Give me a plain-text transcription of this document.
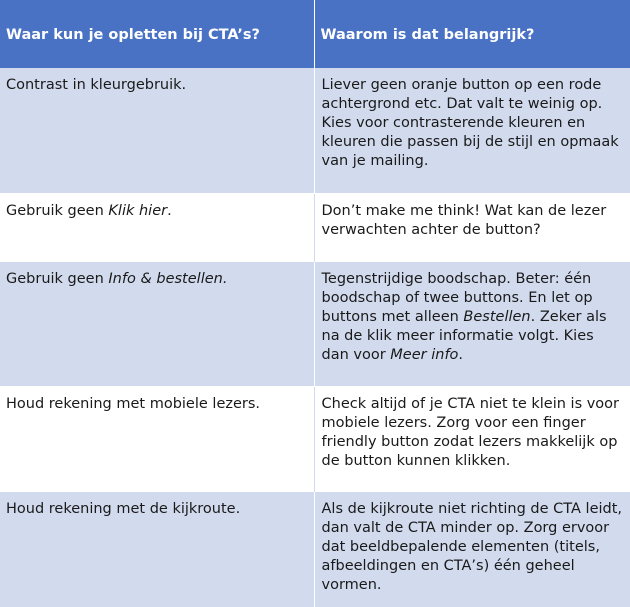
Waar kun je opletten bij CTA’s?	Waarom is dat belangrijk?
Contrast in kleurgebruik.	Liever geen oranje button op een rode achtergrond etc. Dat valt te weinig op. Kies voor contrasterende kleuren en kleuren die passen bij de stijl en opmaak van je mailing.
Gebruik geen Klik hier.	Don’t make me think! Wat kan de lezer verwachten achter de button?
Gebruik geen Info & bestellen.	Tegenstrijdige boodschap. Beter: één boodschap of twee buttons. En let op buttons met alleen Bestellen. Zeker als na de klik meer informatie volgt. Kies dan voor Meer info.
Houd rekening met mobiele lezers.	Check altijd of je CTA niet te klein is voor mobiele lezers. Zorg voor een finger friendly button zodat lezers makkelijk op de button kunnen klikken.
Houd rekening met de kijkroute.	Als de kijkroute niet richting de CTA leidt, dan valt de CTA minder op. Zorg ervoor dat beeldbepalende elementen (titels, afbeeldingen en CTA’s) één geheel vormen.
